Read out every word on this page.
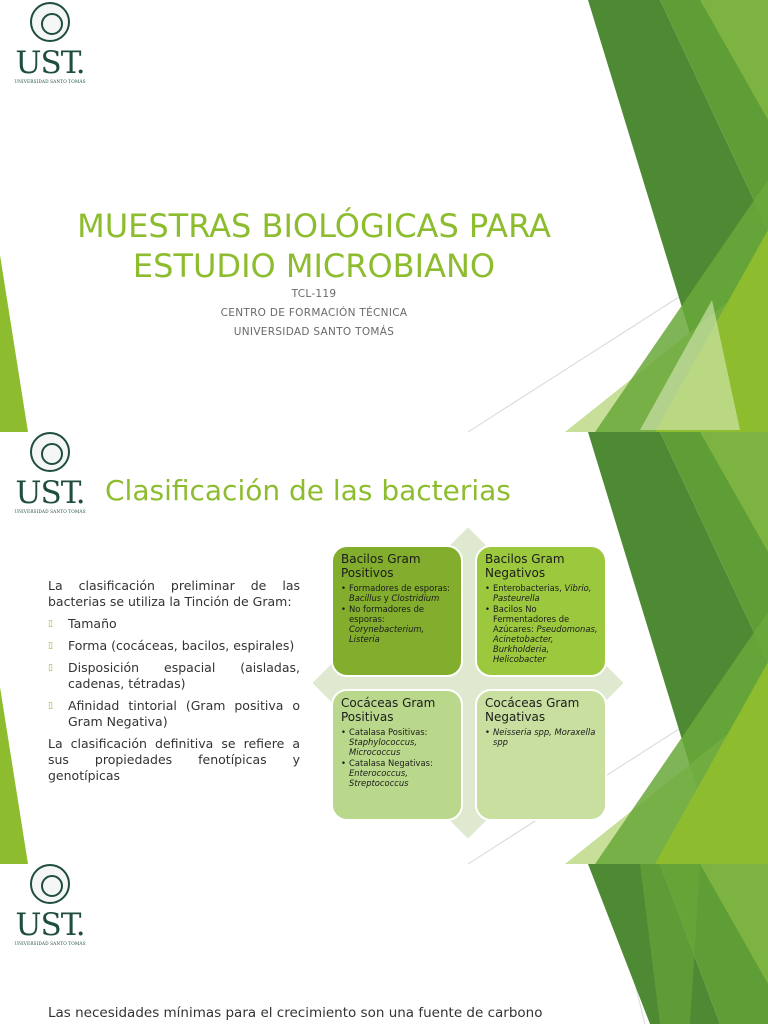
UST.
UNIVERSIDAD SANTO TOMÁS
MUESTRAS BIOLÓGICAS PARA
ESTUDIO MICROBIANO
TCL-119
CENTRO DE FORMACIÓN TÉCNICA
UNIVERSIDAD SANTO TOMÁS
UST.
UNIVERSIDAD SANTO TOMÁS
Clasificación de las bacterias

La clasificación preliminar de las bacterias se utiliza la Tinción de Gram:

▯	Tamaño
▯	Forma (cocáceas, bacilos, espirales)
▯	Disposición espacial (aisladas, cadenas, tétradas)
▯	Afinidad tintorial (Gram positiva o Gram Negativa)

La clasificación definitiva se refiere a sus propiedades fenotípicas y genotípicas

Bacilos Gram Positivos
• Formadores de esporas: Bacillus y Clostridium
• No formadores de esporas: Corynebacterium, Listeria
Bacilos Gram Negativos
• Enterobacterias, Vibrio, Pasteurella
• Bacilos No Fermentadores de Azúcares: Pseudomonas, Acinetobacter, Burkholderia, Helicobacter
Cocáceas Gram Positivas
• Catalasa Positivas: Staphylococcus, Micrococcus
• Catalasa Negativas: Enterococcus, Streptococcus
Cocáceas Gram Negativas
• Neisseria spp, Moraxella spp
UST.
UNIVERSIDAD SANTO TOMÁS
Las necesidades mínimas para el crecimiento son una fuente de carbono
